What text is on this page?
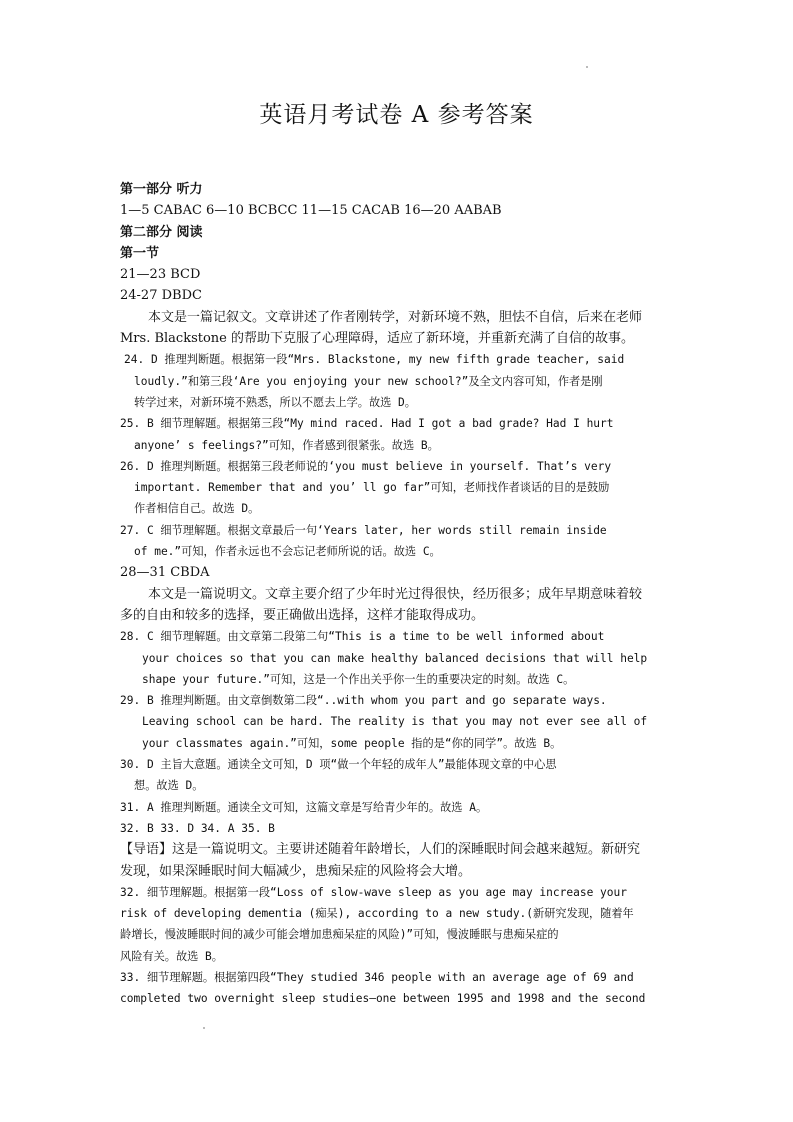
英语月考试卷 A 参考答案
第一部分 听力
1—5 CABAC 6—10 BCBCC 11—15 CACAB 16—20 AABAB
第二部分 阅读
第一节
21—23 BCD
24-27 DBDC
本文是一篇记叙文。文章讲述了作者刚转学，对新环境不熟，胆怯不自信，后来在老师
Mrs. Blackstone 的帮助下克服了心理障碍，适应了新环境，并重新充满了自信的故事。
24. D 推理判断题。根据第一段“Mrs. Blackstone, my new fifth grade teacher, said
loudly.”和第三段‘Are you enjoying your new school?”及全文内容可知，作者是刚
转学过来，对新环境不熟悉，所以不愿去上学。故选 D。
25. B 细节理解题。根据第三段“My mind raced. Had I got a bad grade? Had I hurt
anyone’ s feelings?”可知，作者感到很紧张。故选 B。
26. D 推理判断题。根据第三段老师说的‘you must believe in yourself. That’s very
important. Remember that and you’ ll go far”可知，老师找作者谈话的目的是鼓励
作者相信自己。故选 D。
27. C 细节理解题。根据文章最后一句‘Years later, her words still remain inside
of me.”可知，作者永远也不会忘记老师所说的话。故选 C。
28—31 CBDA
本文是一篇说明文。文章主要介绍了少年时光过得很快，经历很多；成年早期意味着较
多的自由和较多的选择，要正确做出选择，这样才能取得成功。
28. C 细节理解题。由文章第二段第二句“This is a time to be well informed about
your choices so that you can make healthy balanced decisions that will help
shape your future.”可知，这是一个作出关乎你一生的重要决定的时刻。故选 C。
29. B 推理判断题。由文章倒数第二段“..with whom you part and go separate ways.
Leaving school can be hard. The reality is that you may not ever see all of
your classmates again.”可知，some people 指的是“你的同学”。故选 B。
30. D 主旨大意题。通读全文可知，D 项“做一个年轻的成年人”最能体现文章的中心思
想。故选 D。
31. A 推理判断题。通读全文可知，这篇文章是写给青少年的。故选 A。
32. B 33. D 34. A 35. B
【导语】这是一篇说明文。主要讲述随着年龄增长，人们的深睡眠时间会越来越短。新研究
发现，如果深睡眠时间大幅减少，患痴呆症的风险将会大增。
32. 细节理解题。根据第一段“Loss of slow-wave sleep as you age may increase your
risk of developing dementia (痴呆), according to a new study.(新研究发现，随着年
龄增长，慢波睡眠时间的减少可能会增加患痴呆症的风险)”可知，慢波睡眠与患痴呆症的
风险有关。故选 B。
33. 细节理解题。根据第四段“They studied 346 people with an average age of 69 and
completed two overnight sleep studies—one between 1995 and 1998 and the second
